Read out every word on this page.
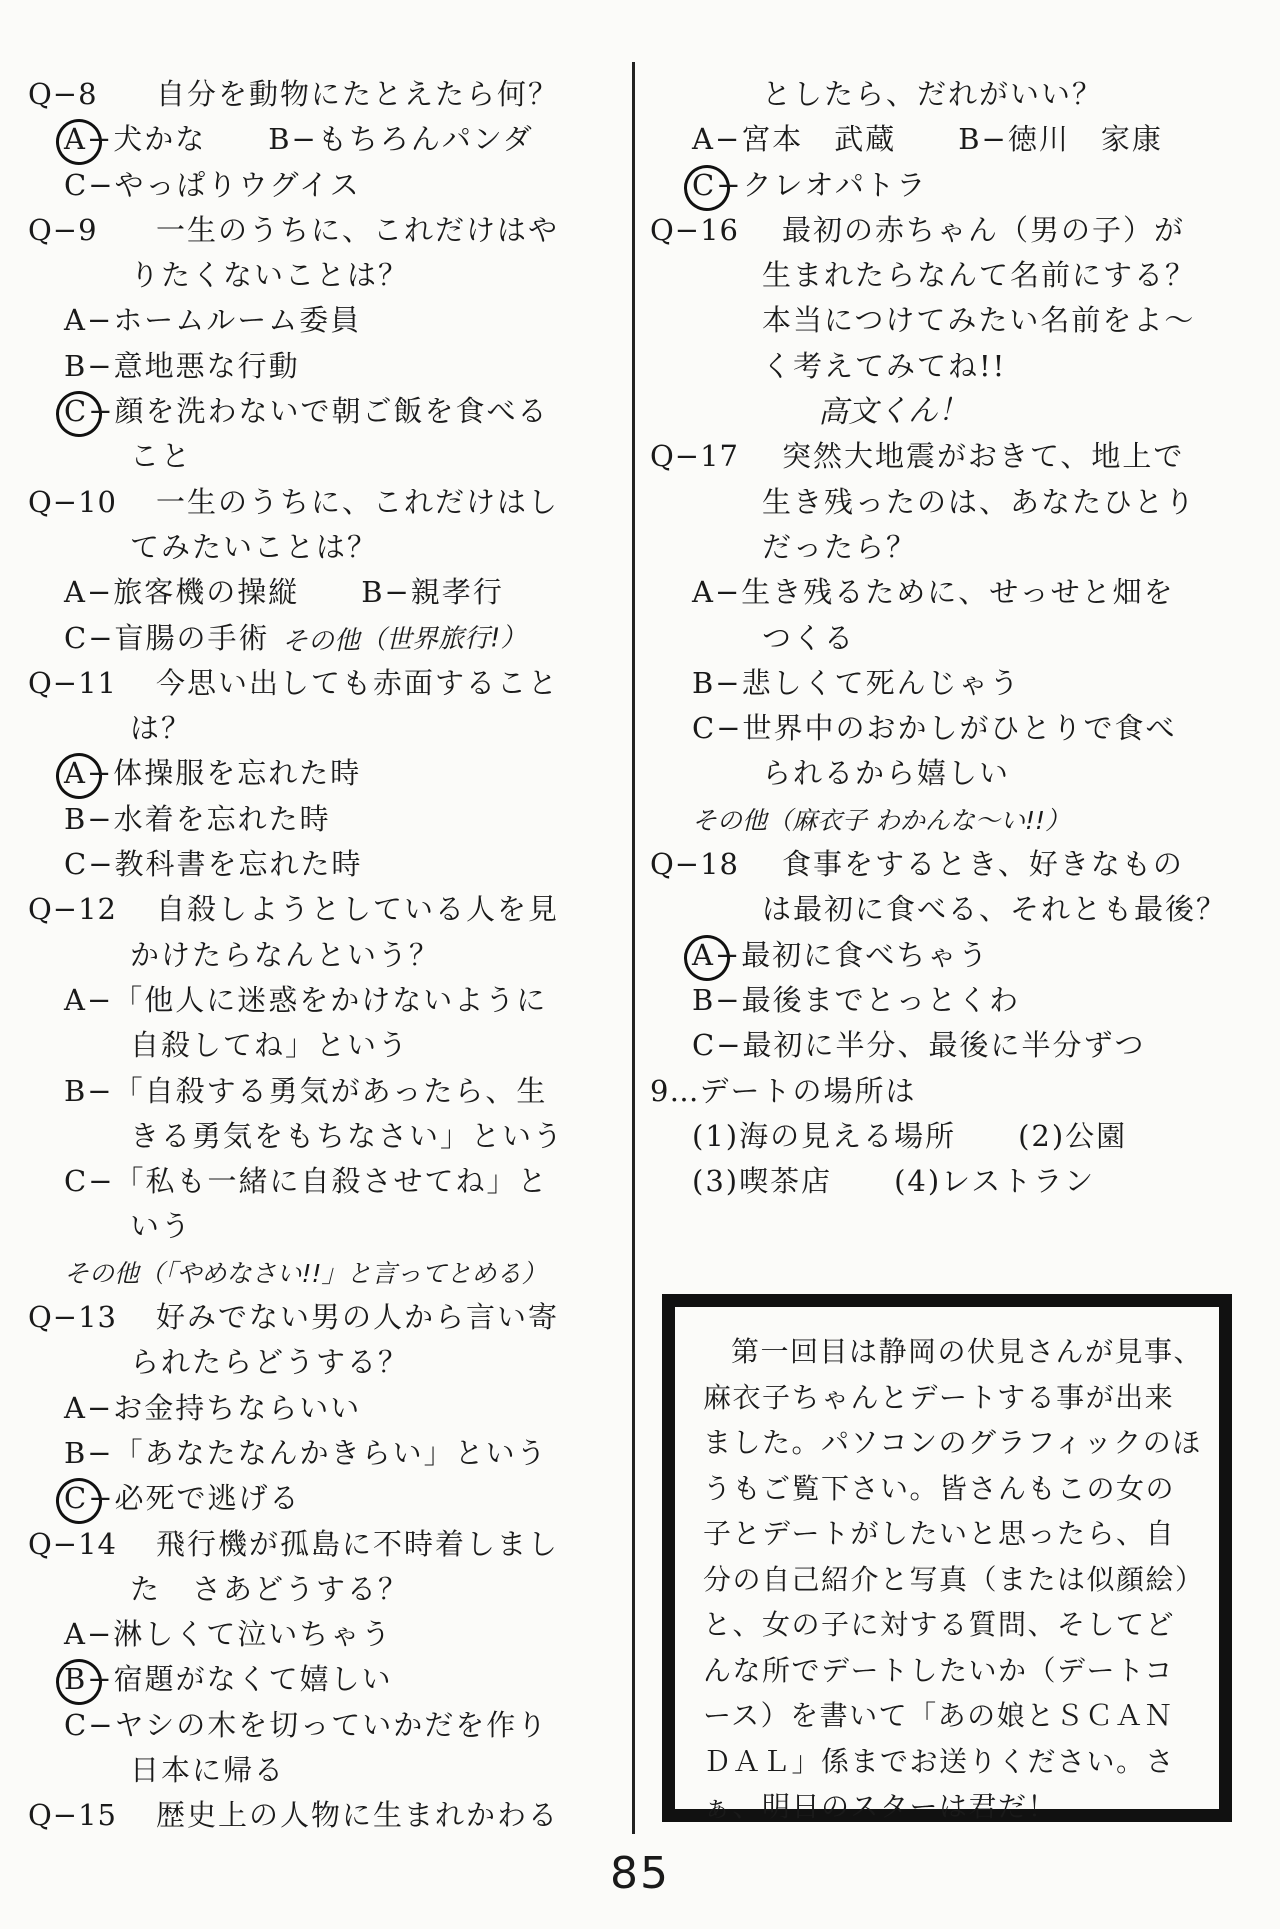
Q−8 自分を動物にたとえたら何？
A−犬かな　　B−もちろんパンダ
C−やっぱりウグイス
Q−9 一生のうちに、これだけはや
りたくないことは？
A−ホームルーム委員
B−意地悪な行動
C−顔を洗わないで朝ご飯を食べる
こと
Q−10 一生のうちに、これだけはし
てみたいことは？
A−旅客機の操縦　　B−親孝行
C−盲腸の手術 その他（世界旅行!）
Q−11 今思い出しても赤面すること
は？
A−体操服を忘れた時
B−水着を忘れた時
C−教科書を忘れた時
Q−12 自殺しようとしている人を見
かけたらなんという？
A−「他人に迷惑をかけないように
自殺してね」という
B−「自殺する勇気があったら、生
きる勇気をもちなさい」という
C−「私も一緒に自殺させてね」と
いう
その他（「やめなさい!!」と言ってとめる）
Q−13 好みでない男の人から言い寄
られたらどうする？
A−お金持ちならいい
B−「あなたなんかきらい」という
C−必死で逃げる
Q−14 飛行機が孤島に不時着しまし
た　さあどうする？
A−淋しくて泣いちゃう
B−宿題がなくて嬉しい
C−ヤシの木を切っていかだを作り
日本に帰る
Q−15 歴史上の人物に生まれかわる
としたら、だれがいい？
A−宮本　武蔵　　B−徳川　家康
C−クレオパトラ
Q−16 最初の赤ちゃん（男の子）が
生まれたらなんて名前にする？
本当につけてみたい名前をよ〜
く考えてみてね!!
高文くん！
Q−17 突然大地震がおきて、地上で
生き残ったのは、あなたひとり
だったら？
A−生き残るために、せっせと畑を
つくる
B−悲しくて死んじゃう
C−世界中のおかしがひとりで食べ
られるから嬉しい
その他（麻衣子 わかんな〜い!!）
Q−18 食事をするとき、好きなもの
は最初に食べる、それとも最後？
A−最初に食べちゃう
B−最後までとっとくわ
C−最初に半分、最後に半分ずつ
9…デートの場所は
(1)海の見える場所　　(2)公園
(3)喫茶店　　(4)レストラン
第一回目は静岡の伏見さんが見事、麻衣子ちゃんとデートする事が出来ました。パソコンのグラフィックのほうもご覧下さい。皆さんもこの女の子とデートがしたいと思ったら、自分の自己紹介と写真（または似顔絵）と、女の子に対する質問、そしてどんな所でデートしたいか（デートコース）を書いて「あの娘とＳＣＡＮＤＡＬ」係までお送りください。さぁ、明日のスターは君だ！
85
